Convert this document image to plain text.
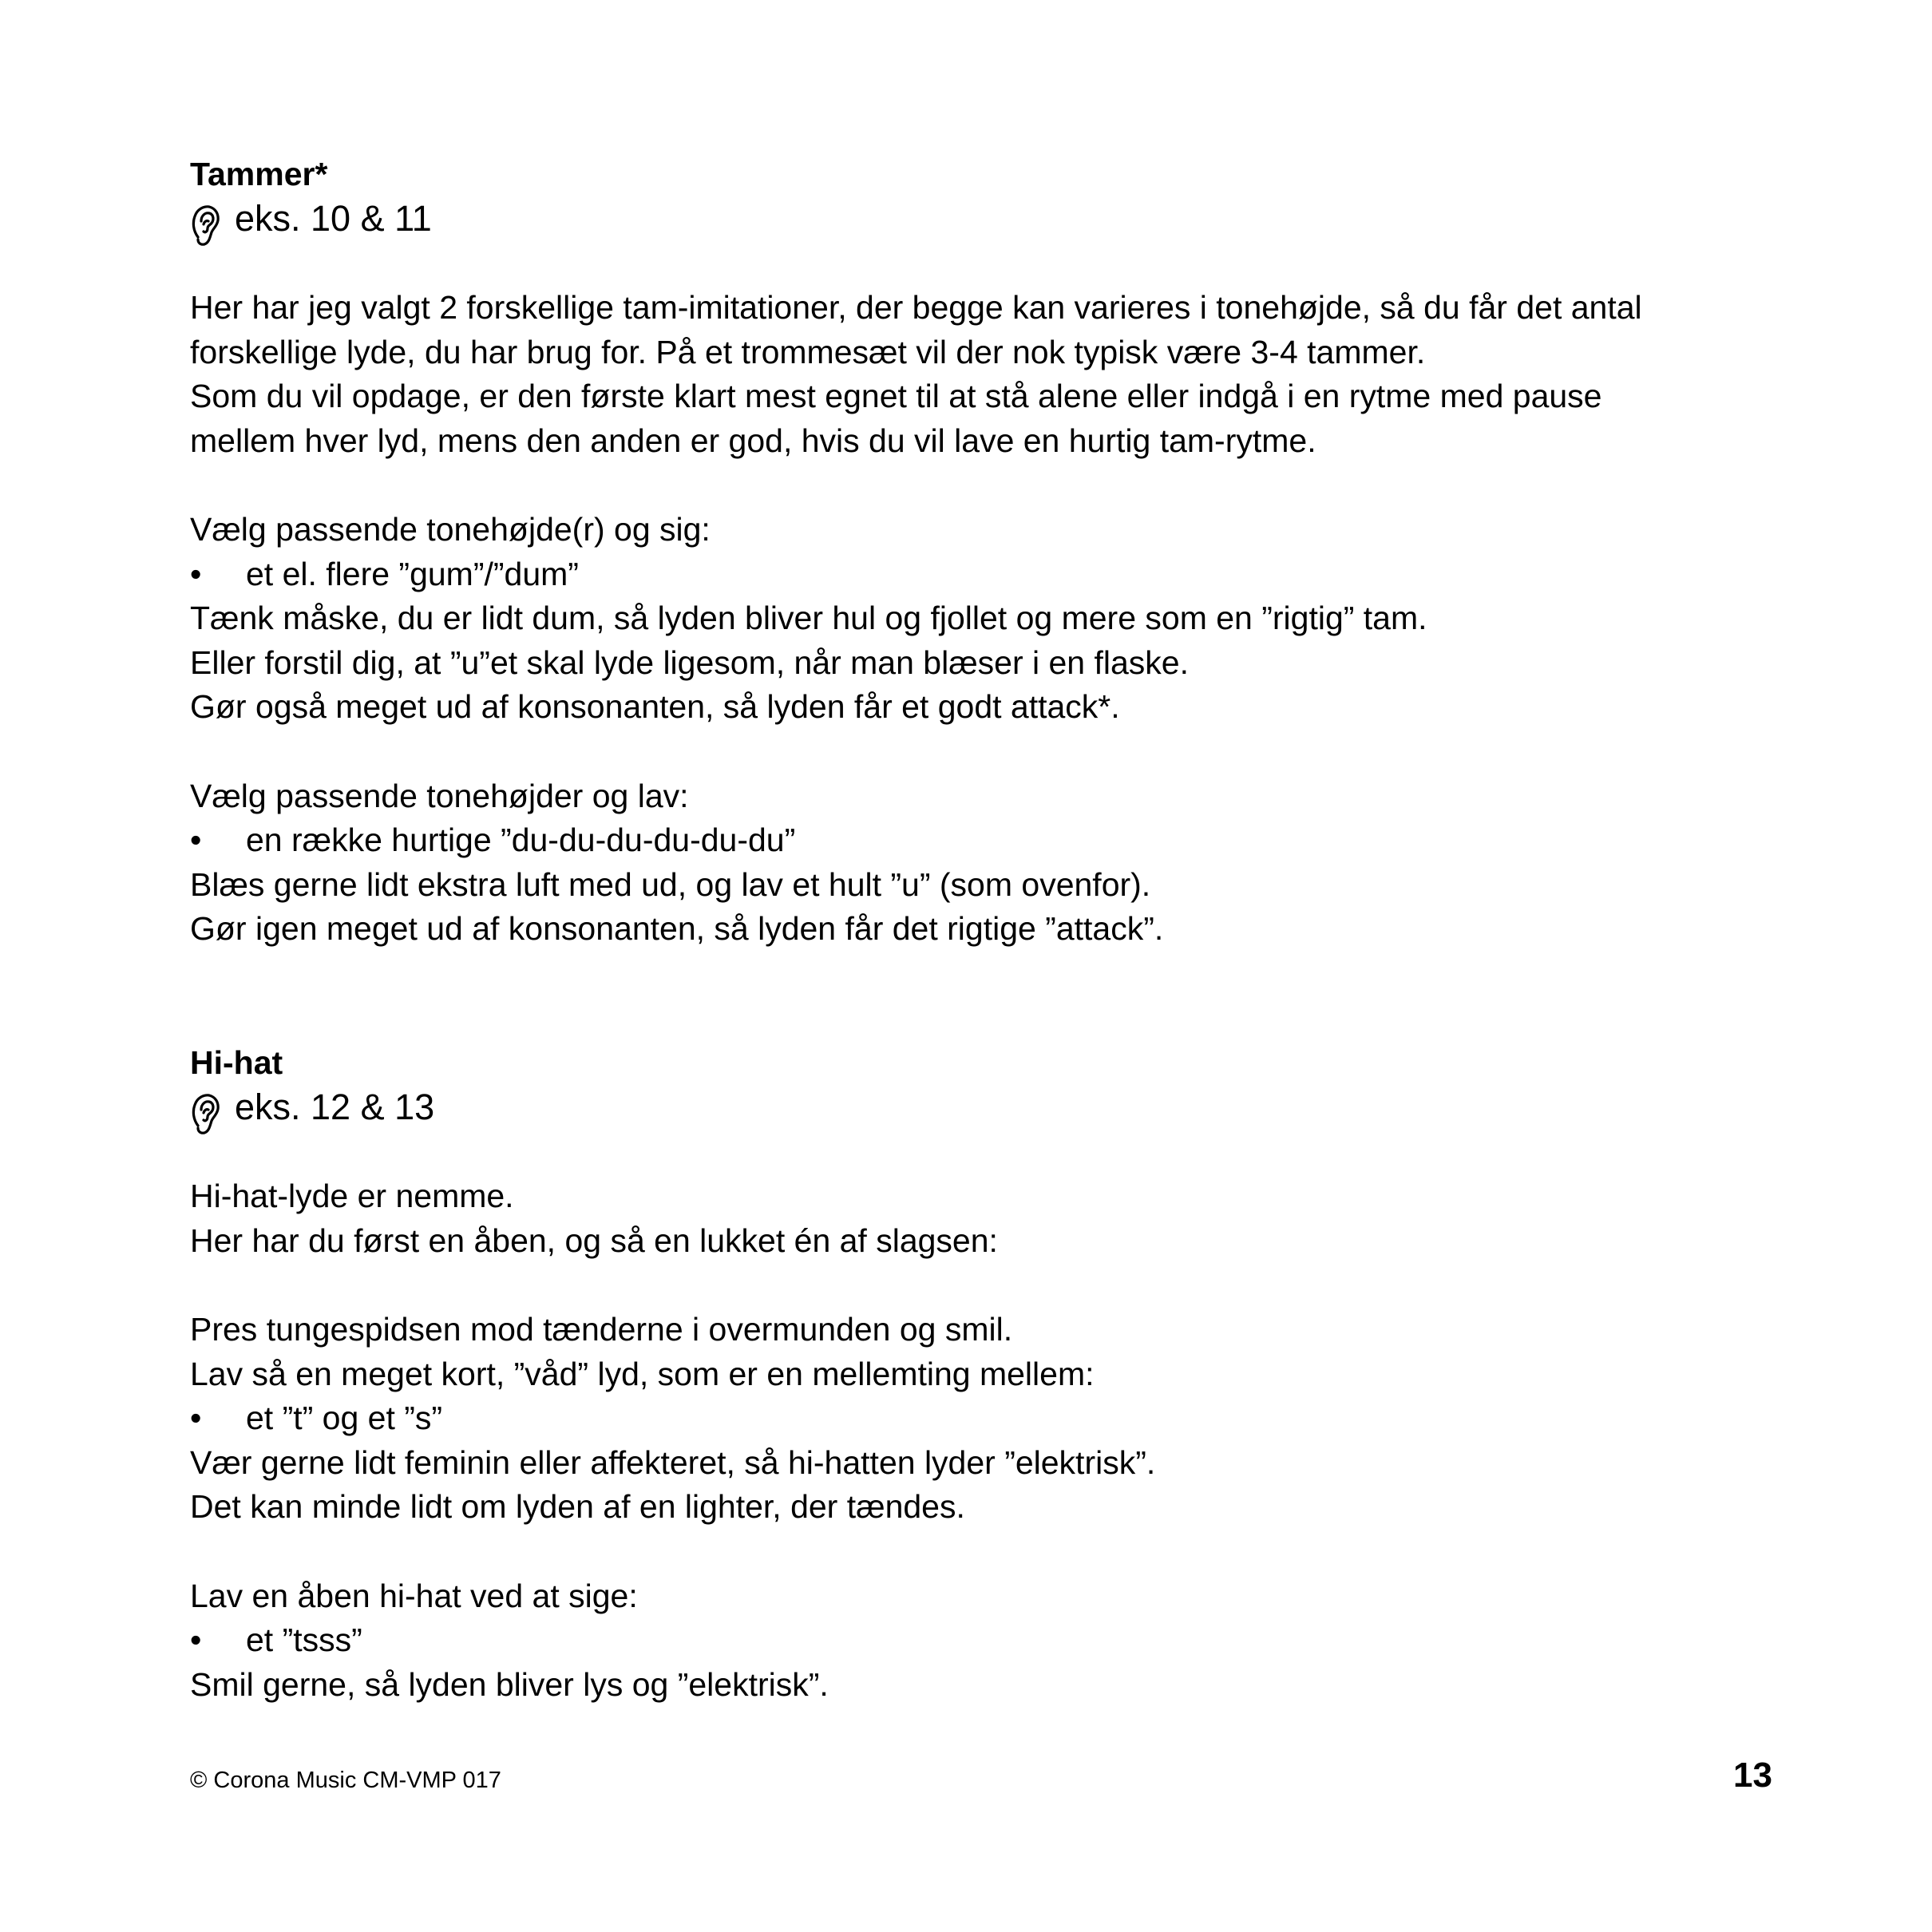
Tammer*

eks. 10 & 11

Her har jeg valgt 2 forskellige tam-imitationer, der begge kan varieres i tonehøjde, så du får det antal

forskellige lyde, du har brug for. På et trommesæt vil der nok typisk være 3-4 tammer.

Som du vil opdage, er den første klart mest egnet til at stå alene eller indgå i en rytme med pause

mellem hver lyd, mens den anden er god, hvis du vil lave en hurtig tam-rytme.

Vælg passende tonehøjde(r) og sig:

•	et el. flere ”gum”/”dum”

Tænk måske, du er lidt dum, så lyden bliver hul og fjollet og mere som en ”rigtig” tam.

Eller forstil dig, at ”u”et skal lyde ligesom, når man blæser i en flaske.

Gør også meget ud af konsonanten, så lyden får et godt attack*.

Vælg passende tonehøjder og lav:

•	en række hurtige ”du-du-du-du-du-du”

Blæs gerne lidt ekstra luft med ud, og lav et hult ”u” (som ovenfor).

Gør igen meget ud af konsonanten, så lyden får det rigtige ”attack”.

Hi-hat

eks. 12 & 13

Hi-hat-lyde er nemme.

Her har du først en åben, og så en lukket én af slagsen:

Pres tungespidsen mod tænderne i overmunden og smil.

Lav så en meget kort, ”våd” lyd, som er en mellemting mellem:

•	et ”t” og et ”s”

Vær gerne lidt feminin eller affekteret, så hi-hatten lyder ”elektrisk”.

Det kan minde lidt om lyden af en lighter, der tændes.

Lav en åben hi-hat ved at sige:

•	et ”tsss”

Smil gerne, så lyden bliver lys og ”elektrisk”.

© Corona Music CM-VMP 017	13
